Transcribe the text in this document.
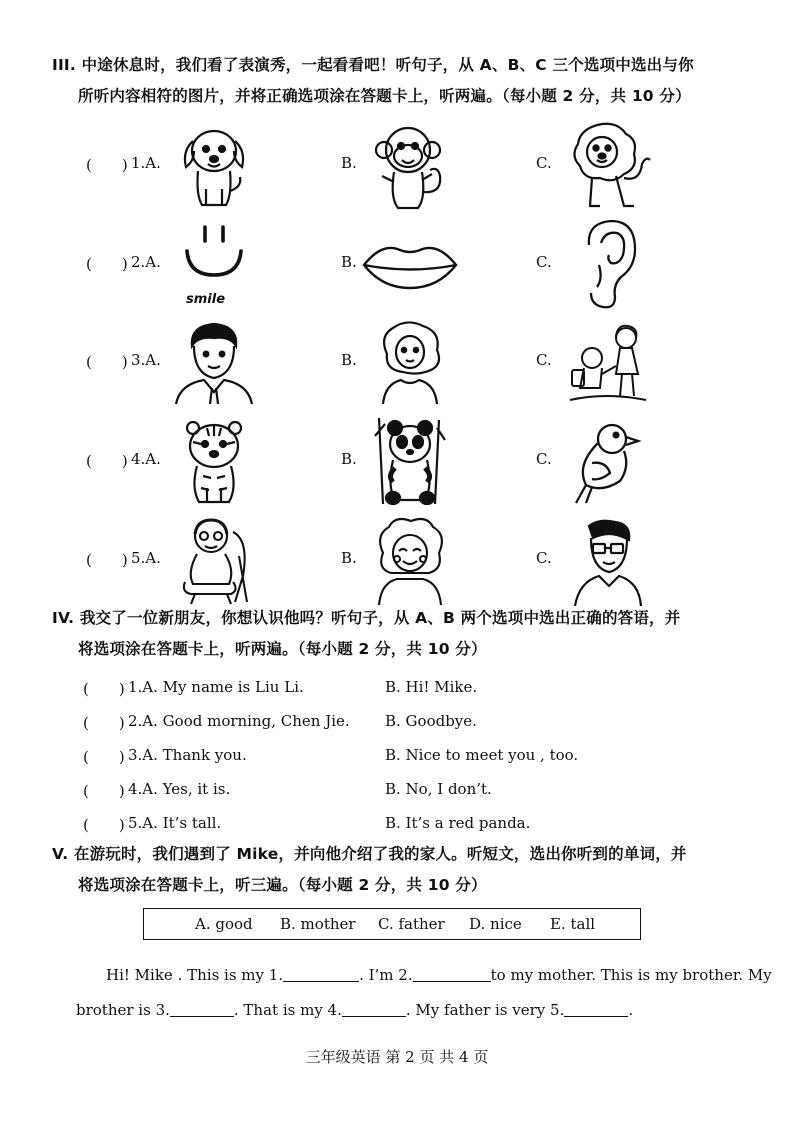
III. 中途休息时，我们看了表演秀，一起看看吧！听句子，从 A、B、C 三个选项中选出与你
所听内容相符的图片，并将正确选项涂在答题卡上，听两遍。（每小题 2 分，共 10 分）
(　　) 1.A.	B.	C.
(　　) 2.A.	B.	C.
smile
(　　) 3.A.	B.	C.
(　　) 4.A.	B.	C.
(　　) 5.A.	B.	C.
IV. 我交了一位新朋友，你想认识他吗？听句子，从 A、B 两个选项中选出正确的答语，并
将选项涂在答题卡上，听两遍。（每小题 2 分，共 10 分）
(　　) 1.A. My name is Liu Li.	B. Hi! Mike.
(　　) 2.A. Good morning, Chen Jie. B. Goodbye.
(　　) 3.A. Thank you.	B. Nice to meet you , too.
(　　) 4.A. Yes, it is.	B. No, I don’t.
(　　) 5.A. It’s tall.	B. It’s a red panda.
V. 在游玩时，我们遇到了 Mike，并向他介绍了我的家人。听短文，选出你听到的单词，并
将选项涂在答题卡上，听三遍。（每小题 2 分，共 10 分）
A. good B. mother C. father D. nice E. tall
Hi! Mike . This is my 1.	. I’m 2.	to my mother. This is my brother. My
brother is 3.	. That is my 4.	. My father is very 5.	.
三年级英语 第 2 页 共 4 页
